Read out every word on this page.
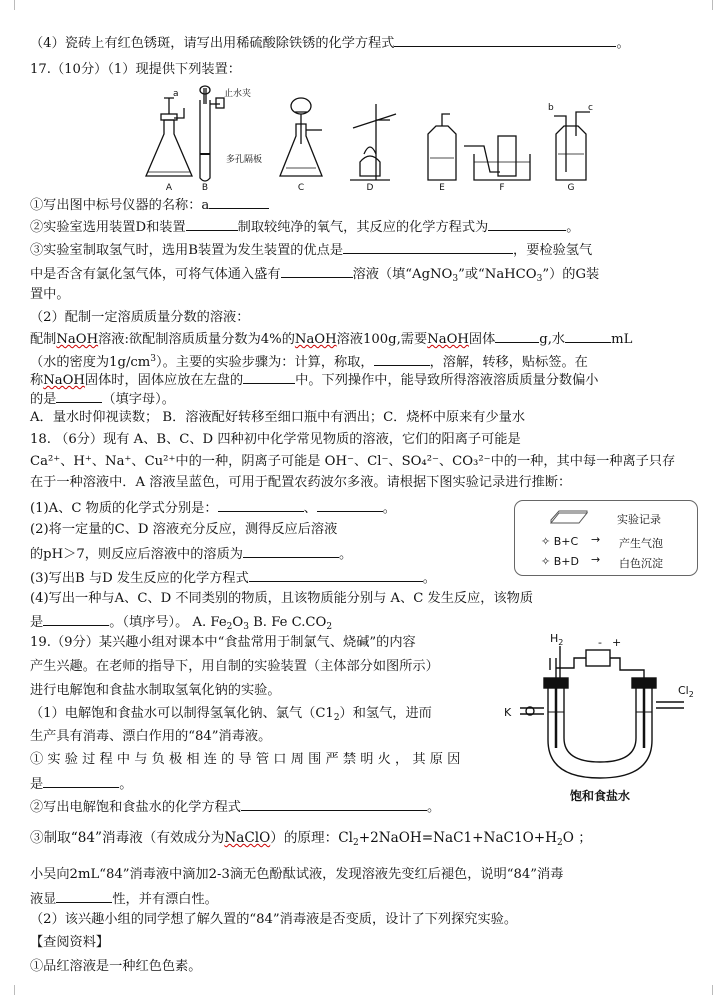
（4）瓷砖上有红色锈斑，请写出用稀硫酸除铁锈的化学方程式	。
17.（10分）（1）现提供下列装置：
a	止水夹
多孔隔板
b	c
A	B	C	D	E	F	G
①写出图中标号仪器的名称：a
②实验室选用装置D和装置	制取较纯净的氧气，其反应的化学方程式为	。
③实验室制取氢气时，选用B装置为发生装置的优点是	，要检验氢气
中是否含有氯化氢气体，可将气体通入盛有	溶液（填“AgNO$_3$”或“NaHCO$_3$”）的G装
置中。
（2）配制一定溶质质量分数的溶液：
配制NaOH溶液:欲配制溶质质量分数为4%的NaOH溶液100g,需要NaOH固体	g,水	mL
（水的密度为$1g/cm^3$）。主要的实验步骤为：计算，称取，	，溶解，转移，贴标签。在
称NaOH固体时，固体应放在左盘的	中。下列操作中，能导致所得溶液溶质质量分数偏小
的是	（填字母）。
A．量水时仰视读数； B．溶液配好转移至细口瓶中有洒出；C．烧杯中原来有少量水
18. （6分）现有 A、B、C、D 四种初中化学常见物质的溶液，它们的阳离子可能是
Ca²⁺、H⁺、Na⁺、Cu²⁺中的一种，阴离子可能是 OH⁻、Cl⁻、SO₄²⁻、CO₃²⁻中的一种，其中每一种离子只存
在于一种溶液中．A 溶液呈蓝色，可用于配置农药波尔多液。请根据下图实验记录进行推断：
(1)A、C 物质的化学式分别是：	、	。
(2)将一定量的C、D 溶液充分反应，测得反应后溶液
的pH＞7，则反应后溶液中的溶质为	。
(3)写出B 与D 发生反应的化学方程式	。
(4)写出一种与A、C、D 不同类别的物质，且该物质能分别与 A、C 发生反应，该物质
是	。（填序号）。 A. $Fe_2O_3$ B. Fe $C.CO_2$
实验记录
✧ B+C → 产生气泡
✧ B+D → 白色沉淀
19.（9分）某兴趣小组对课本中“食盐常用于制氯气、烧碱”的内容
产生兴趣。在老师的指导下，用自制的实验装置（主体部分如图所示）
进行电解饱和食盐水制取氢氧化钠的实验。
（1）电解饱和食盐水可以制得氢氧化钠、氯气$(C1_2)$和氢气，进而
生产具有消毒、漂白作用的“84”消毒液。
① 实 验 过 程 中 与 负 极 相 连 的 导 管 口 周 围 严 禁 明 火 ， 其 原 因
是	。
②写出电解饱和食盐水的化学方程式	。
③制取“84”消毒液（有效成分为NaClO）的原理：$Cl_2+2NaOH=NaC1+NaC1O+H_2O$ ；
小吴向2mL“84”消毒液中滴加2-3滴无色酚酞试液，发现溶液先变红后褪色，说明“84”消毒
液显	性，并有漂白性。
（2）该兴趣小组的同学想了解久置的“84”消毒液是否变质，设计了下列探究实验。
【查阅资料】
①品红溶液是一种红色色素。
$H_2$	- +
K
$Cl_2$
饱和食盐水
